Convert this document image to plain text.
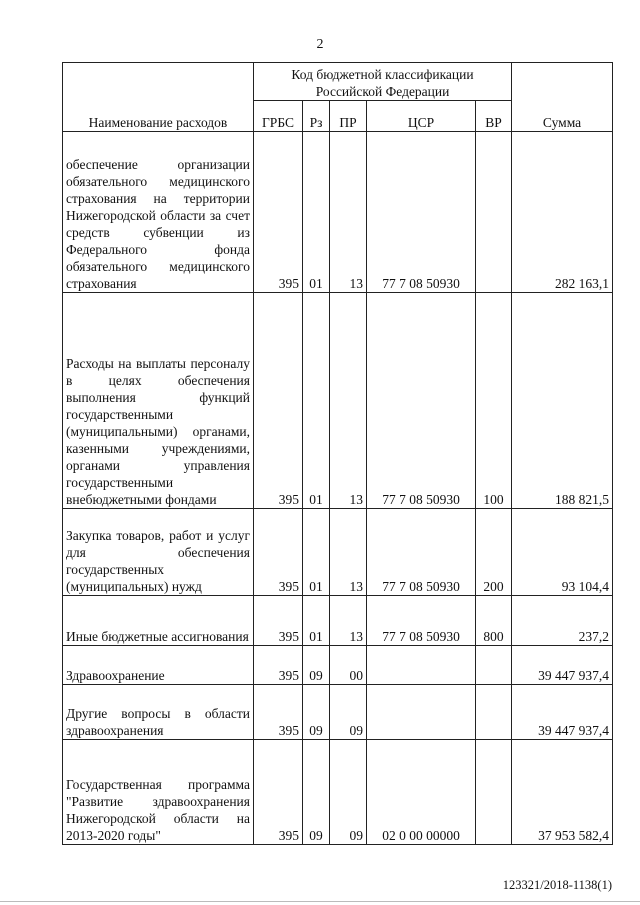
2
Наименование расходов	Код бюджетной классификации Российской Федерации					Сумма
	ГРБС	Рз	ПР	ЦСР	ВР	
обеспечение организации обязательного медицинского страхования на территории Нижегородской области за счет средств субвенции из Федерального фонда обязательного медицинского страхования	395	01	13	77 7 08 50930		282 163,1
Расходы на выплаты персоналу в целях обеспечения выполнения функций государственными (муниципальными) органами, казенными учреждениями, органами управления государственными внебюджетными фондами	395	01	13	77 7 08 50930	100	188 821,5
Закупка товаров, работ и услуг для обеспечения государственных (муниципальных) нужд	395	01	13	77 7 08 50930	200	93 104,4
Иные бюджетные ассигнования	395	01	13	77 7 08 50930	800	237,2
Здравоохранение	395	09	00			39 447 937,4
Другие вопросы в области здравоохранения	395	09	09			39 447 937,4
Государственная программа "Развитие здравоохранения Нижегородской области на 2013-2020 годы"	395	09	09	02 0 00 00000		37 953 582,4
123321/2018-1138(1)
